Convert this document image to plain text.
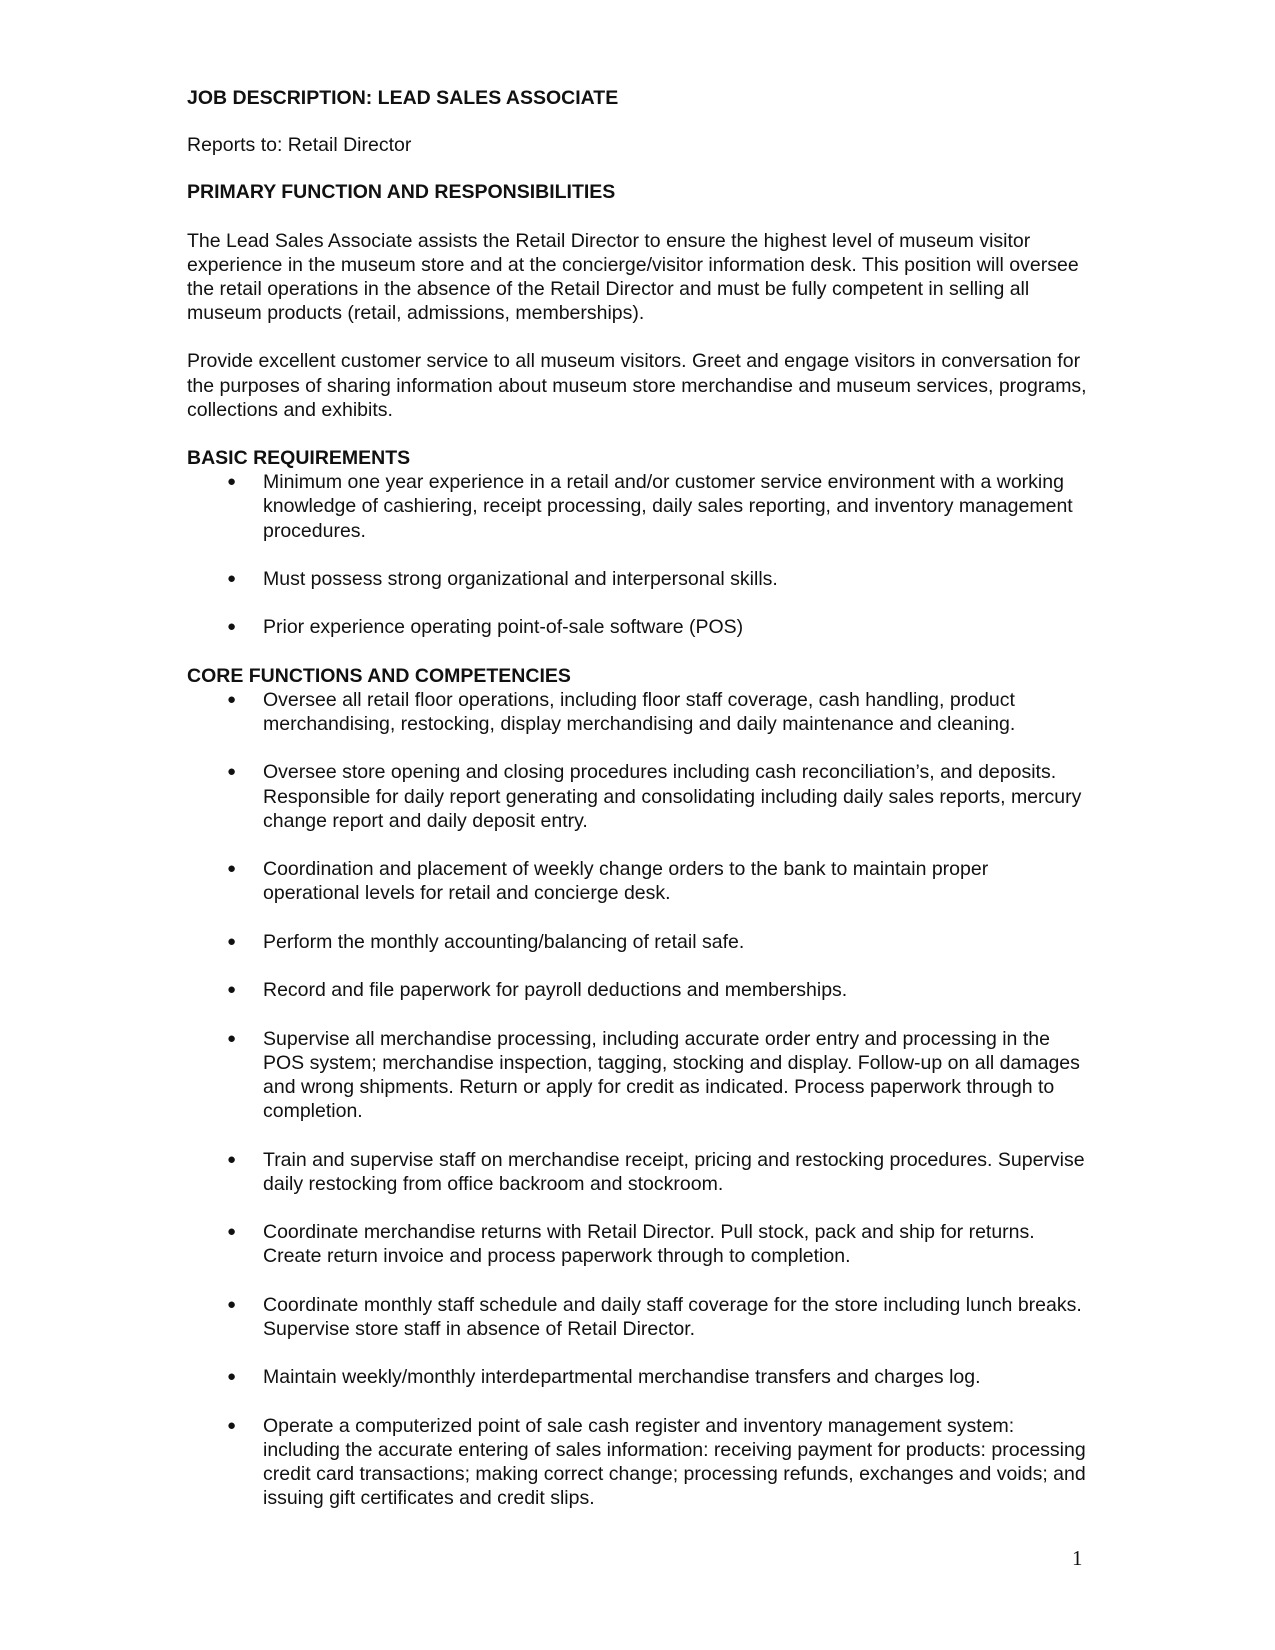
JOB DESCRIPTION: LEAD SALES ASSOCIATE

Reports to: Retail Director

PRIMARY FUNCTION AND RESPONSIBILITIES

The Lead Sales Associate assists the Retail Director to ensure the highest level of museum visitor experience in the museum store and at the concierge/visitor information desk. This position will oversee the retail operations in the absence of the Retail Director and must be fully competent in selling all museum products (retail, admissions, memberships).

Provide excellent customer service to all museum visitors. Greet and engage visitors in conversation for the purposes of sharing information about museum store merchandise and museum services, programs, collections and exhibits.

BASIC REQUIREMENTS

● Minimum one year experience in a retail and/or customer service environment with a working knowledge of cashiering, receipt processing, daily sales reporting, and inventory management procedures.
● Must possess strong organizational and interpersonal skills.
● Prior experience operating point-of-sale software (POS)

CORE FUNCTIONS AND COMPETENCIES

● Oversee all retail floor operations, including floor staff coverage, cash handling, product merchandising, restocking, display merchandising and daily maintenance and cleaning.
● Oversee store opening and closing procedures including cash reconciliation’s, and deposits. Responsible for daily report generating and consolidating including daily sales reports, mercury change report and daily deposit entry.
● Coordination and placement of weekly change orders to the bank to maintain proper operational levels for retail and concierge desk.
● Perform the monthly accounting/balancing of retail safe.
● Record and file paperwork for payroll deductions and memberships.
● Supervise all merchandise processing, including accurate order entry and processing in the POS system; merchandise inspection, tagging, stocking and display. Follow-up on all damages and wrong shipments. Return or apply for credit as indicated. Process paperwork through to completion.
● Train and supervise staff on merchandise receipt, pricing and restocking procedures. Supervise daily restocking from office backroom and stockroom.
● Coordinate merchandise returns with Retail Director. Pull stock, pack and ship for returns. Create return invoice and process paperwork through to completion.
● Coordinate monthly staff schedule and daily staff coverage for the store including lunch breaks. Supervise store staff in absence of Retail Director.
● Maintain weekly/monthly interdepartmental merchandise transfers and charges log.
● Operate a computerized point of sale cash register and inventory management system: including the accurate entering of sales information: receiving payment for products: processing credit card transactions; making correct change; processing refunds, exchanges and voids; and issuing gift certificates and credit slips.
1
